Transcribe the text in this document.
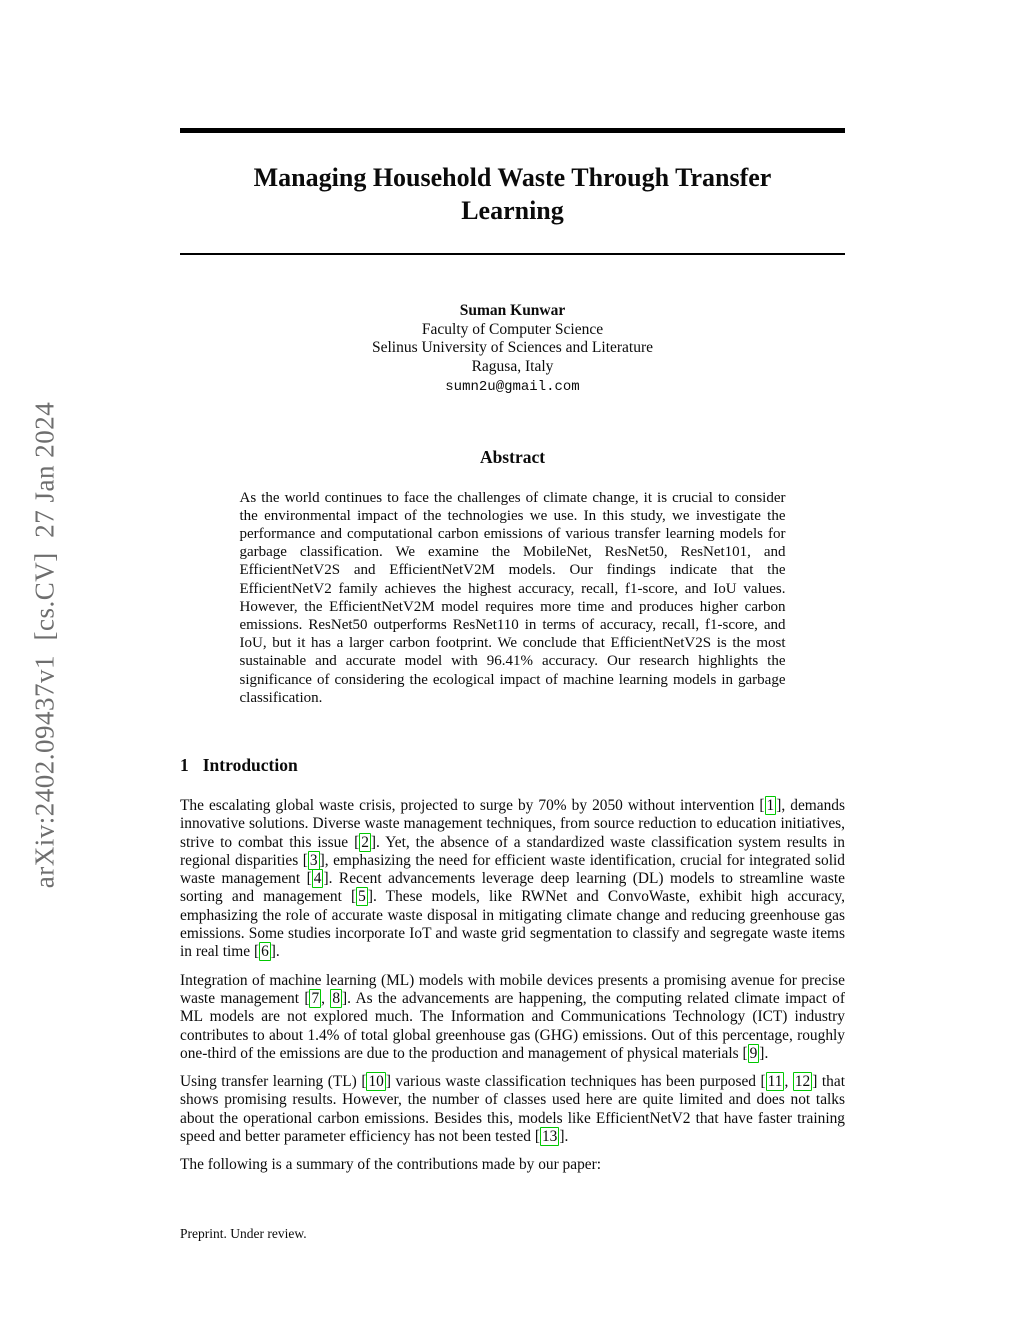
arXiv:2402.09437v1  [cs.CV]  27 Jan 2024
Managing Household Waste Through Transfer Learning
Suman Kunwar
Faculty of Computer Science
Selinus University of Sciences and Literature
Ragusa, Italy
sumn2u@gmail.com
Abstract
As the world continues to face the challenges of climate change, it is crucial to consider the environmental impact of the technologies we use. In this study, we investigate the performance and computational carbon emissions of various transfer learning models for garbage classification. We examine the MobileNet, ResNet50, ResNet101, and EfficientNetV2S and EfficientNetV2M models. Our findings indicate that the EfficientNetV2 family achieves the highest accuracy, recall, f1-score, and IoU values. However, the EfficientNetV2M model requires more time and produces higher carbon emissions. ResNet50 outperforms ResNet110 in terms of accuracy, recall, f1-score, and IoU, but it has a larger carbon footprint. We conclude that EfficientNetV2S is the most sustainable and accurate model with 96.41% accuracy. Our research highlights the significance of considering the ecological impact of machine learning models in garbage classification.
1 Introduction

The escalating global waste crisis, projected to surge by 70% by 2050 without intervention [ 1 ], demands innovative solutions. Diverse waste management techniques, from source reduction to education initiatives, strive to combat this issue [ 2 ]. Yet, the absence of a standardized waste classification system results in regional disparities [ 3 ], emphasizing the need for efficient waste identification, crucial for integrated solid waste management [ 4 ]. Recent advancements leverage deep learning (DL) models to streamline waste sorting and management [ 5 ]. These models, like RWNet and ConvoWaste, exhibit high accuracy, emphasizing the role of accurate waste disposal in mitigating climate change and reducing greenhouse gas emissions. Some studies incorporate IoT and waste grid segmentation to classify and segregate waste items in real time [ 6 ].

Integration of machine learning (ML) models with mobile devices presents a promising avenue for precise waste management [ 7 , 8 ]. As the advancements are happening, the computing related climate impact of ML models are not explored much. The Information and Communications Technology (ICT) industry contributes to about 1.4% of total global greenhouse gas (GHG) emissions. Out of this percentage, roughly one-third of the emissions are due to the production and management of physical materials [ 9 ].

Using transfer learning (TL) [ 10 ] various waste classification techniques has been purposed [ 11 , 12 ] that shows promising results. However, the number of classes used here are quite limited and does not talks about the operational carbon emissions. Besides this, models like EfficientNetV2 that have faster training speed and better parameter efficiency has not been tested [ 13 ].

The following is a summary of the contributions made by our paper:

Preprint. Under review.
